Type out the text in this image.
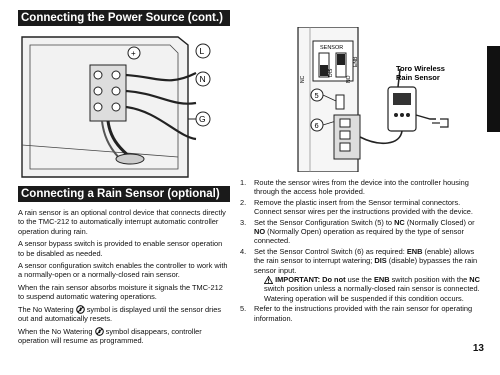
Connecting the Power Source (cont.)
+	L
N
G
SENSOR
NC
DIS
NO
ENB
5
6
Toro Wireless
Rain Sensor
Connecting a Rain Sensor (optional)

A rain sensor is an optional control device that connects directly to the TMC-212 to automatically interrupt automatic controller operation during rain.

A sensor bypass switch is provided to enable sensor operation to be disabled as needed.

A sensor configuration switch enables the controller to work with a normally-open or a normally-closed rain sensor.

When the rain sensor absorbs moisture it signals the TMC-212 to suspend automatic watering operations.

The No Watering symbol is displayed until the sensor dries out and automatically resets.

When the No Watering symbol disappears, controller operation will resume as programmed.

1. Route the sensor wires from the device into the controller housing through the access hole provided.
2. Remove the plastic insert from the Sensor terminal connectors. Connect sensor wires per the instructions provided with the device.
3. Set the Sensor Configuration Switch (5) to NC (Normally Closed) or NO (Normally Open) operation as required by the type of sensor connected.
4. Set the Sensor Control Switch (6) as required: ENB (enable) allows the rain sensor to interrupt watering; DIS (disable) bypasses the rain sensor input.
IMPORTANT: Do not use the ENB switch position with the NC switch position unless a normally-closed rain sensor is connected. Watering operation will be suspended if this condition occurs.
5. Refer to the instructions provided with the rain sensor for operating information.
13
